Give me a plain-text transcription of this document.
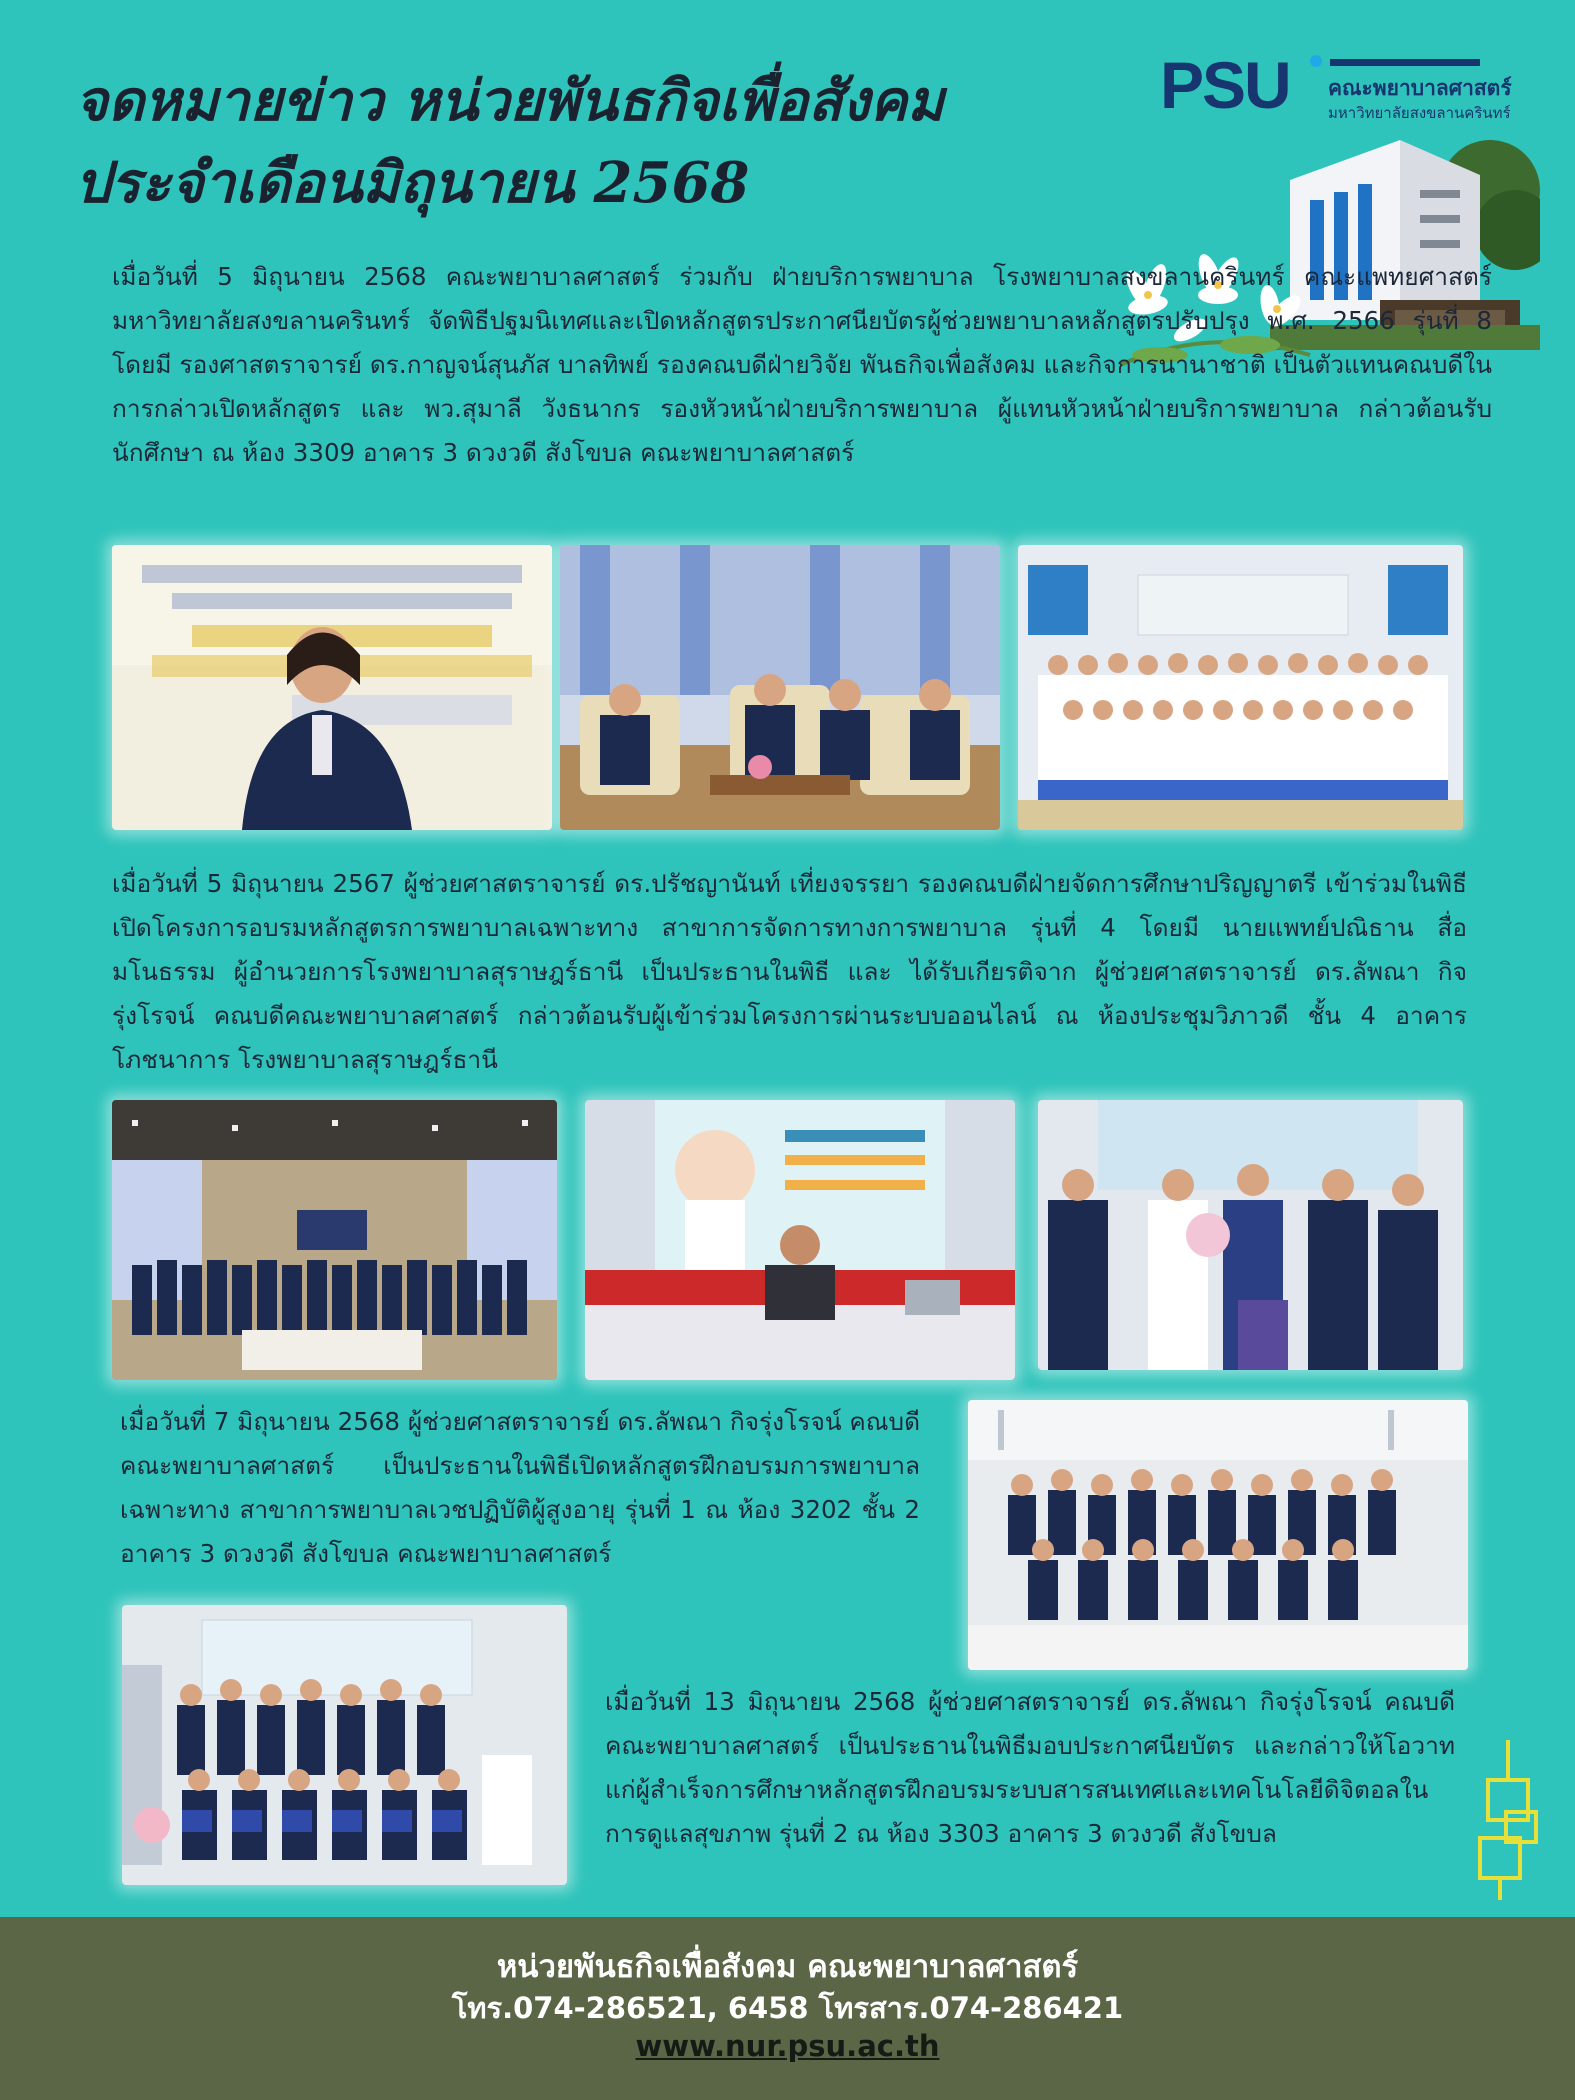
จดหมายข่าว หน่วยพันธกิจเพื่อสังคม
ประจำเดือนมิถุนายน 2568
PSU คณะพยาบาลศาสตร์
มหาวิทยาลัยสงขลานครินทร์

เมื่อวันที่ 5 มิถุนายน 2568 คณะพยาบาลศาสตร์ ร่วมกับ ฝ่ายบริการพยาบาล โรงพยาบาลสงขลานครินทร์ คณะแพทยศาสตร์ มหาวิทยาลัยสงขลานครินทร์ จัดพิธีปฐมนิเทศและเปิดหลักสูตรประกาศนียบัตรผู้ช่วยพยาบาลหลักสูตรปรับปรุง พ.ศ. 2566 รุ่นที่ 8 โดยมี รองศาสตราจารย์ ดร.กาญจน์สุนภัส บาลทิพย์ รองคณบดีฝ่ายวิจัย พันธกิจเพื่อสังคม และกิจการนานาชาติ เป็นตัวแทนคณบดีในการกล่าวเปิดหลักสูตร และ พว.สุมาลี วังธนากร รองหัวหน้าฝ่ายบริการพยาบาล ผู้แทนหัวหน้าฝ่ายบริการพยาบาล กล่าวต้อนรับนักศึกษา ณ ห้อง 3309 อาคาร 3 ดวงวดี สังโขบล คณะพยาบาลศาสตร์

เมื่อวันที่ 5 มิถุนายน 2567 ผู้ช่วยศาสตราจารย์ ดร.ปรัชญานันท์ เที่ยงจรรยา รองคณบดีฝ่ายจัดการศึกษาปริญญาตรี เข้าร่วมในพิธีเปิดโครงการอบรมหลักสูตรการพยาบาลเฉพาะทาง สาขาการจัดการทางการพยาบาล รุ่นที่ 4 โดยมี นายแพทย์ปณิธาน สื่อมโนธรรม ผู้อำนวยการโรงพยาบาลสุราษฎร์ธานี เป็นประธานในพิธี และ ได้รับเกียรติจาก ผู้ช่วยศาสตราจารย์ ดร.ลัพณา กิจรุ่งโรจน์ คณบดีคณะพยาบาลศาสตร์ กล่าวต้อนรับผู้เข้าร่วมโครงการผ่านระบบออนไลน์ ณ ห้องประชุมวิภาวดี ชั้น 4 อาคารโภชนาการ โรงพยาบาลสุราษฎร์ธานี

เมื่อวันที่ 7 มิถุนายน 2568 ผู้ช่วยศาสตราจารย์ ดร.ลัพณา กิจรุ่งโรจน์ คณบดีคณะพยาบาลศาสตร์ เป็นประธานในพิธีเปิดหลักสูตรฝึกอบรมการพยาบาลเฉพาะทาง สาขาการพยาบาลเวชปฏิบัติผู้สูงอายุ รุ่นที่ 1 ณ ห้อง 3202 ชั้น 2 อาคาร 3 ดวงวดี สังโขบล คณะพยาบาลศาสตร์

เมื่อวันที่ 13 มิถุนายน 2568 ผู้ช่วยศาสตราจารย์ ดร.ลัพณา กิจรุ่งโรจน์ คณบดีคณะพยาบาลศาสตร์ เป็นประธานในพิธีมอบประกาศนียบัตร และกล่าวให้โอวาทแก่ผู้สำเร็จการศึกษาหลักสูตรฝึกอบรมระบบสารสนเทศและเทคโนโลยีดิจิตอลในการดูแลสุขภาพ รุ่นที่ 2 ณ ห้อง 3303 อาคาร 3 ดวงวดี สังโขบล

หน่วยพันธกิจเพื่อสังคม คณะพยาบาลศาสตร์
โทร.074-286521, 6458 โทรสาร.074-286421
www.nur.psu.ac.th
